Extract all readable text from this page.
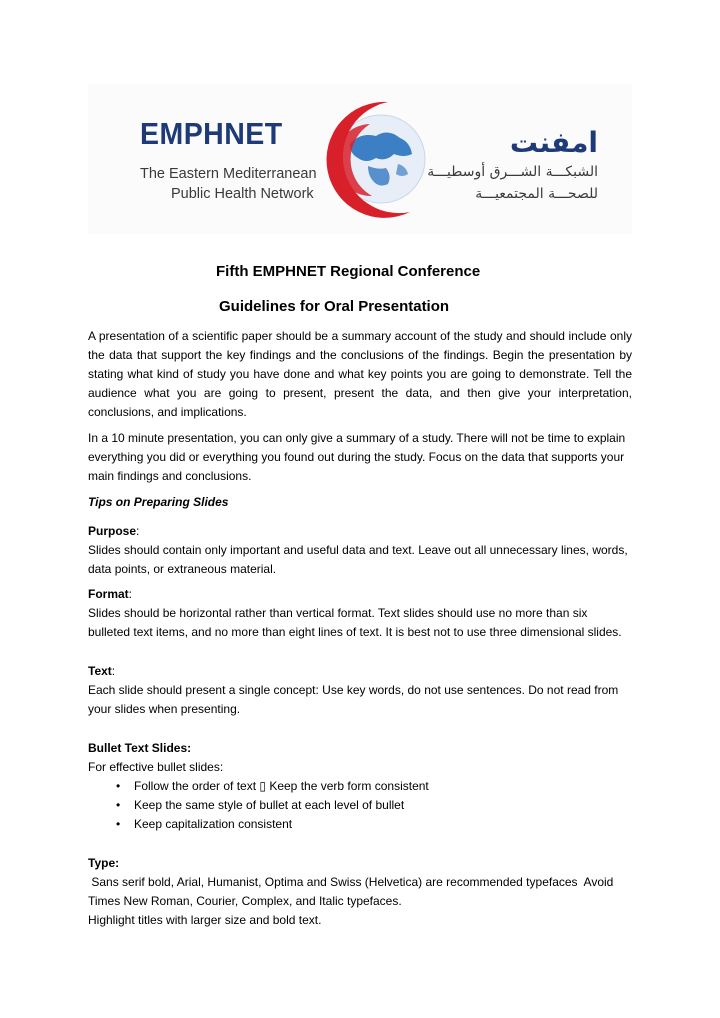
EMPHNET
The Eastern Mediterranean
Public Health Network
امفنت
الشبكـــة الشـــرق أوسطيـــة
للصحـــة المجتمعيـــة
Fifth EMPHNET Regional Conference
Guidelines for Oral Presentation

A presentation of a scientific paper should be a summary account of the study and should include only the data that support the key findings and the conclusions of the findings. Begin the presentation by stating what kind of study you have done and what key points you are going to demonstrate. Tell the audience what you are going to present, present the data, and then give your interpretation, conclusions, and implications.

In a 10 minute presentation, you can only give a summary of a study. There will not be time to explain everything you did or everything you found out during the study. Focus on the data that supports your main findings and conclusions.

Tips on Preparing Slides
Purpose:
Slides should contain only important and useful data and text. Leave out all unnecessary lines, words, data points, or extraneous material.
Format:
Slides should be horizontal rather than vertical format. Text slides should use no more than six bulleted text items, and no more than eight lines of text. It is best not to use three dimensional slides.
Text:
Each slide should present a single concept: Use key words, do not use sentences. Do not read from your slides when presenting.
Bullet Text Slides:
For effective bullet slides:
• Follow the order of text ▯ Keep the verb form consistent
• Keep the same style of bullet at each level of bullet
• Keep capitalization consistent
Type:
Sans serif bold, Arial, Humanist, Optima and Swiss (Helvetica) are recommended typefaces  Avoid Times New Roman, Courier, Complex, and Italic typefaces.
Highlight titles with larger size and bold text.
